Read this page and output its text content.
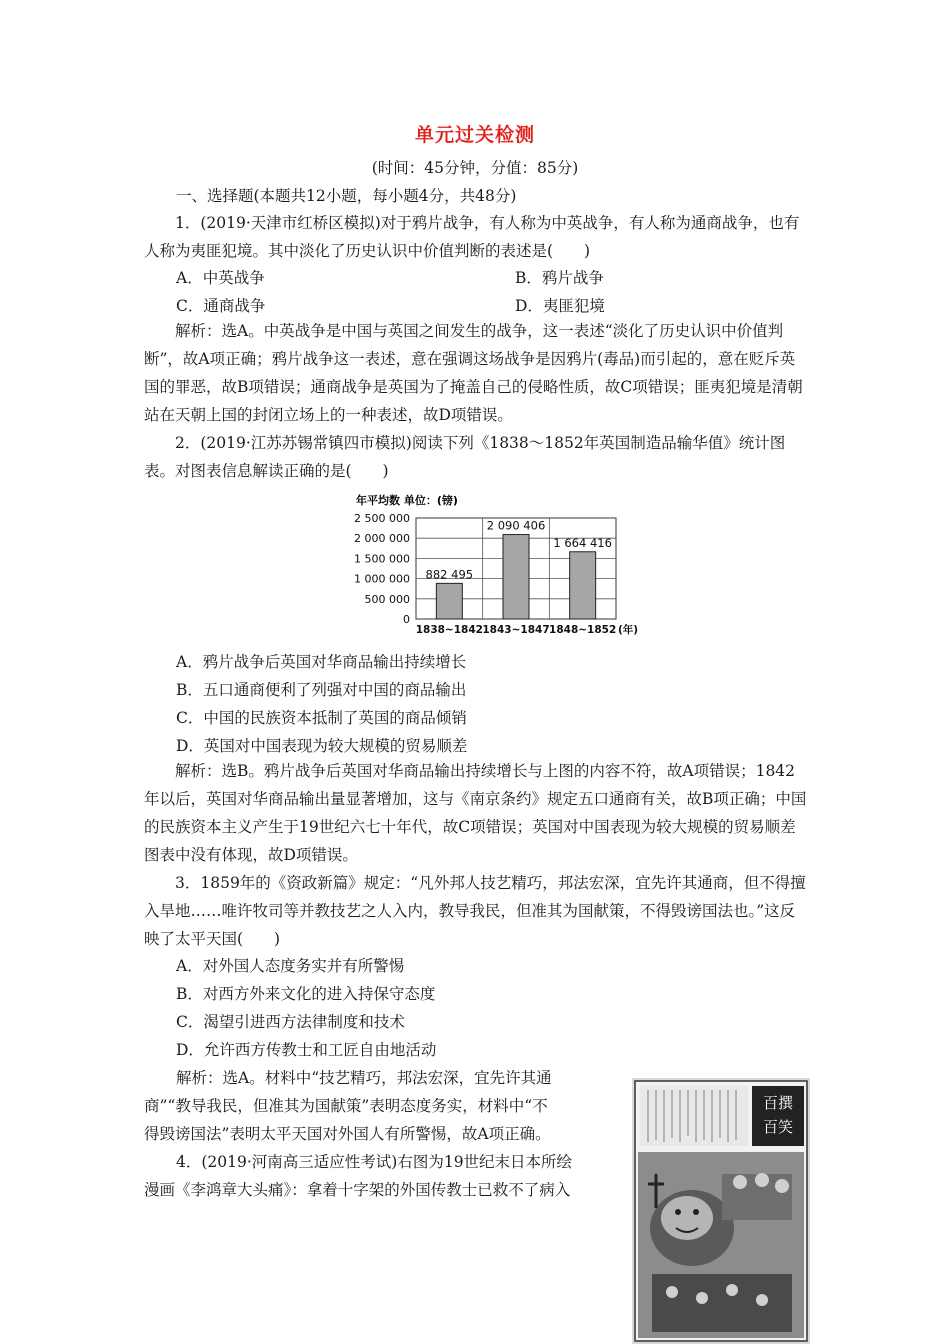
单元过关检测
(时间：45分钟，分值：85分)
一、选择题(本题共12小题，每小题4分，共48分)
1．(2019·天津市红桥区模拟)对于鸦片战争，有人称为中英战争，有人称为通商战争，也有人称为夷匪犯境。其中淡化了历史认识中价值判断的表述是(　　)
A．中英战争	B．鸦片战争
C．通商战争	D．夷匪犯境
解析：选A。中英战争是中国与英国之间发生的战争，这一表述“淡化了历史认识中价值判断”，故A项正确；鸦片战争这一表述，意在强调这场战争是因鸦片(毒品)而引起的，意在贬斥英国的罪恶，故B项错误；通商战争是英国为了掩盖自己的侵略性质，故C项错误；匪夷犯境是清朝站在天朝上国的封闭立场上的一种表述，故D项错误。
2．(2019·江苏苏锡常镇四市模拟)阅读下列《1838～1852年英国制造品输华值》统计图表。对图表信息解读正确的是(　　)
年平均数 单位：(镑)
2 500 000
2 000 000
1 500 000
1 000 000
500 000
0
882 495
1838~1842
2 090 406
1843~1847
1 664 416
1848~1852 (年)
A．鸦片战争后英国对华商品输出持续增长
B．五口通商便利了列强对中国的商品输出
C．中国的民族资本抵制了英国的商品倾销
D．英国对中国表现为较大规模的贸易顺差
解析：选B。鸦片战争后英国对华商品输出持续增长与上图的内容不符，故A项错误；1842年以后，英国对华商品输出量显著增加，这与《南京条约》规定五口通商有关，故B项正确；中国的民族资本主义产生于19世纪六七十年代，故C项错误；英国对中国表现为较大规模的贸易顺差图表中没有体现，故D项错误。
3．1859年的《资政新篇》规定：“凡外邦人技艺精巧，邦法宏深，宜先许其通商，但不得擅入旱地……唯许牧司等并教技艺之人入内，教导我民，但准其为国献策，不得毁谤国法也。”这反映了太平天国(　　)
A．对外国人态度务实并有所警惕
B．对西方外来文化的进入持保守态度
C．渴望引进西方法律制度和技术
D．允许西方传教士和工匠自由地活动
解析：选A。材料中“技艺精巧，邦法宏深，宜先许其通
商”“教导我民，但准其为国献策”表明态度务实，材料中“不
得毁谤国法”表明太平天国对外国人有所警惕，故A项正确。
4．(2019·河南高三适应性考试)右图为19世纪末日本所绘
漫画《李鸿章大头痛》：拿着十字架的外国传教士已救不了病入
百撰
百笑
